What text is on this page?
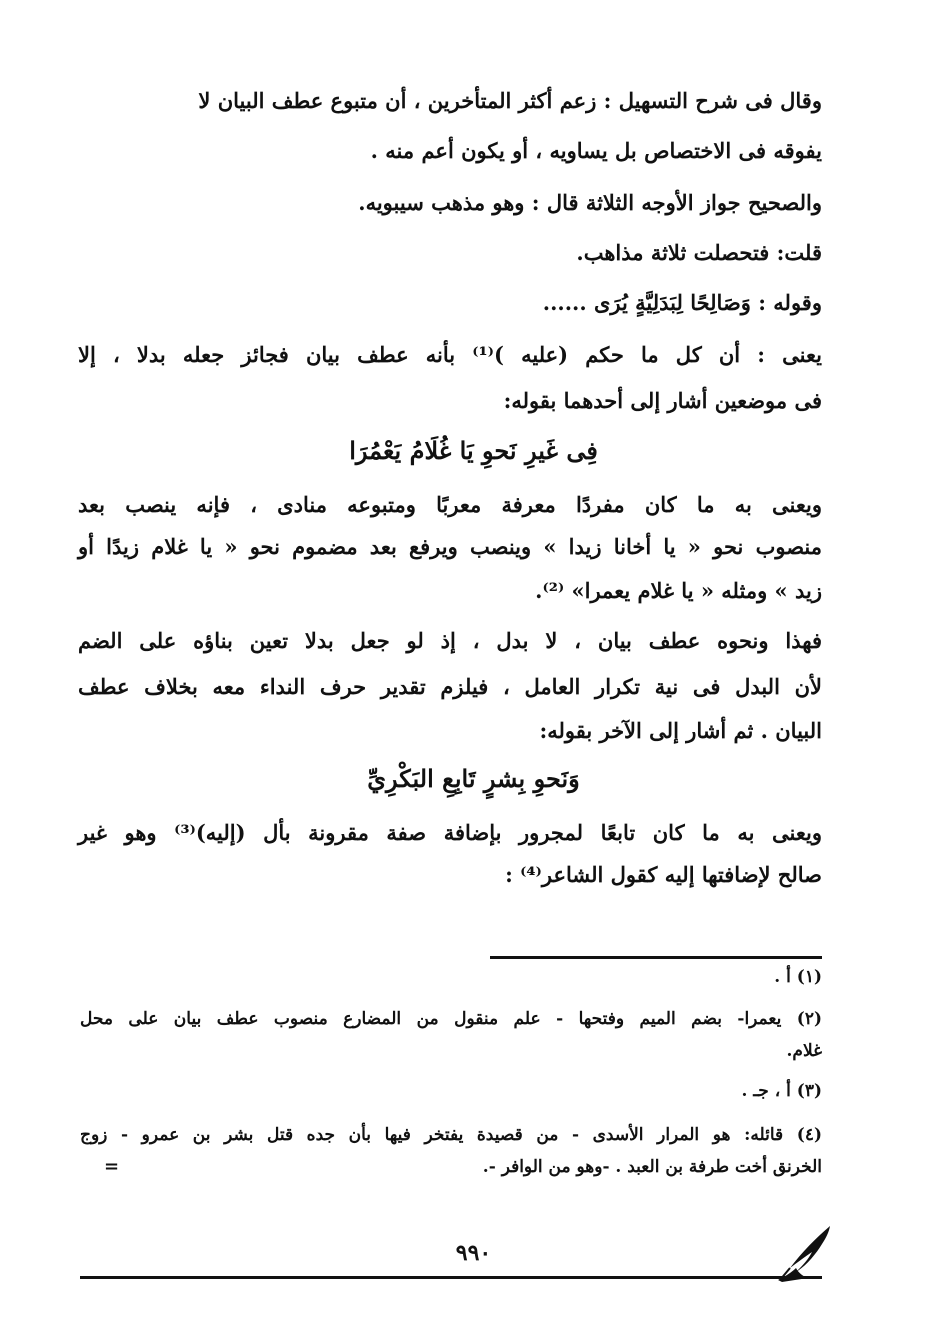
وقال فى شرح التسهيل : زعم أكثر المتأخرين ، أن متبوع عطف البيان لا
يفوقه فى الاختصاص بل يساويه ، أو يكون أعم منه .
والصحيح جواز الأوجه الثلاثة قال : وهو مذهب سيبويه.
قلت: فتحصلت ثلاثة مذاهب.
وقوله : وَصَالِحًا لِبَدَلِيَّةٍ يُرَى ......
يعنى : أن كل ما حكم (عليه )⁽¹⁾ بأنه عطف بيان فجائز جعله بدلا ، إلا
فى موضعين أشار إلى أحدهما بقوله:
فِى غَيرِ نَحوِ يَا غُلَامُ يَعْمُرَا
ويعنى به ما كان مفردًا معرفة معربًا ومتبوعه منادى ، فإنه ينصب بعد
منصوب نحو « يا أخانا زيدا » وينصب ويرفع بعد مضموم نحو « يا غلام زيدًا أو
زيد » ومثله « يا غلام يعمرا» ⁽²⁾.
فهذا ونحوه عطف بيان ، لا بدل ، إذ لو جعل بدلا تعين بناؤه على الضم
لأن البدل فى نية تكرار العامل ، فيلزم تقدير حرف النداء معه بخلاف عطف
البيان . ثم أشار إلى الآخر بقوله:
وَنَحوِ بِشرٍ تَابِعِ البَكْرِيِّ
ويعنى به ما كان تابعًا لمجرور بإضافة صفة مقرونة بأل (إليه)⁽³⁾ وهو غير
صالح لإضافتها إليه كقول الشاعر⁽⁴⁾ :
(١) أ .
(٢) يعمرا- بضم الميم وفتحها - علم منقول من المضارع منصوب عطف بيان على محل
غلام.
(٣) أ ، جـ .
(٤) قائله: هو المرار الأسدى - من قصيدة يفتخر فيها بأن جده قتل بشر بن عمرو - زوج
الخرنق أخت طرفة بن العبد . -وهو من الوافر -.
=
٩٩٠
